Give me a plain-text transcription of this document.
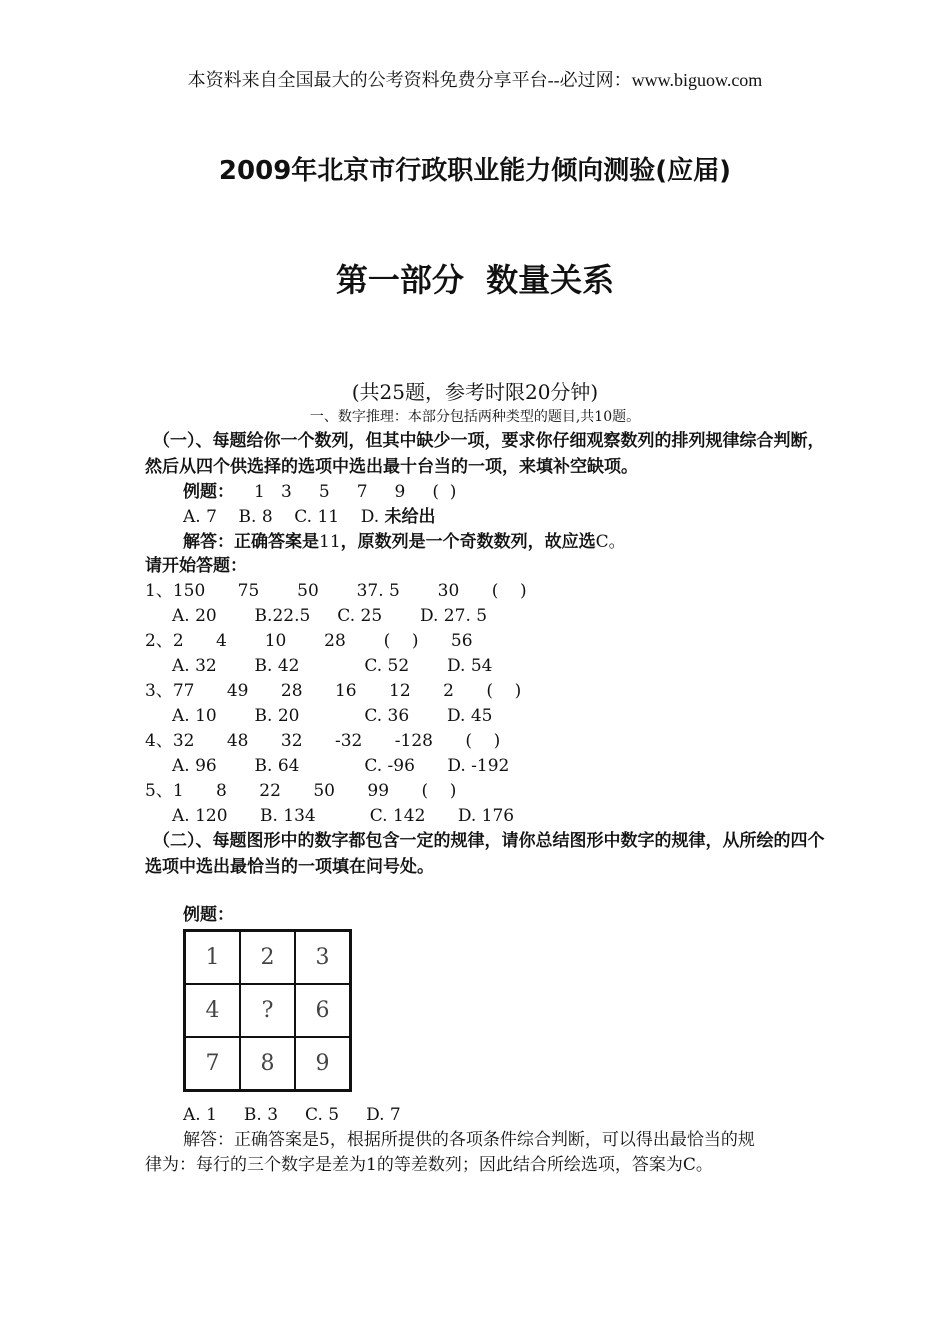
本资料来自全国最大的公考资料免费分享平台--必过网：www.biguow.com
2009年北京市行政职业能力倾向测验(应届)
第一部分  数量关系
(共25题，参考时限20分钟)
一、数字推理：本部分包括两种类型的题目,共10题。
（一）、每题给你一个数列，但其中缺少一项，要求你仔细观察数列的排列规律综合判断，然后从四个供选择的选项中选出最十台当的一项，来填补空缺项。
例题： 1   3     5     7     9     (  )
A. 7    B. 8    C. 11    D. 未给出
解答：正确答案是11，原数列是一个奇数数列，故应选C。
请开始答题：
1、150      75       50       37. 5       30      (    )
A. 20       B.22.5     C. 25       D. 27. 5
2、2      4       10       28       (    )      56
A. 32       B. 42            C. 52       D. 54
3、77      49      28      16      12      2      (    )
A. 10       B. 20            C. 36       D. 45
4、32      48      32      -32      -128      (    )
A. 96       B. 64            C. -96      D. -192
5、1      8      22      50      99      (    )
A. 120      B. 134          C. 142      D. 176
（二）、每题图形中的数字都包含一定的规律，请你总结图形中数字的规律，从所绘的四个选项中选出最恰当的一项填在问号处。
例题：
1	2	3
4	?	6
7	8	9
A. 1     B. 3     C. 5     D. 7
解答：正确答案是5，根据所提供的各项条件综合判断，可以得出最恰当的规
律为：每行的三个数字是差为1的等差数列；因此结合所绘选项，答案为C。
